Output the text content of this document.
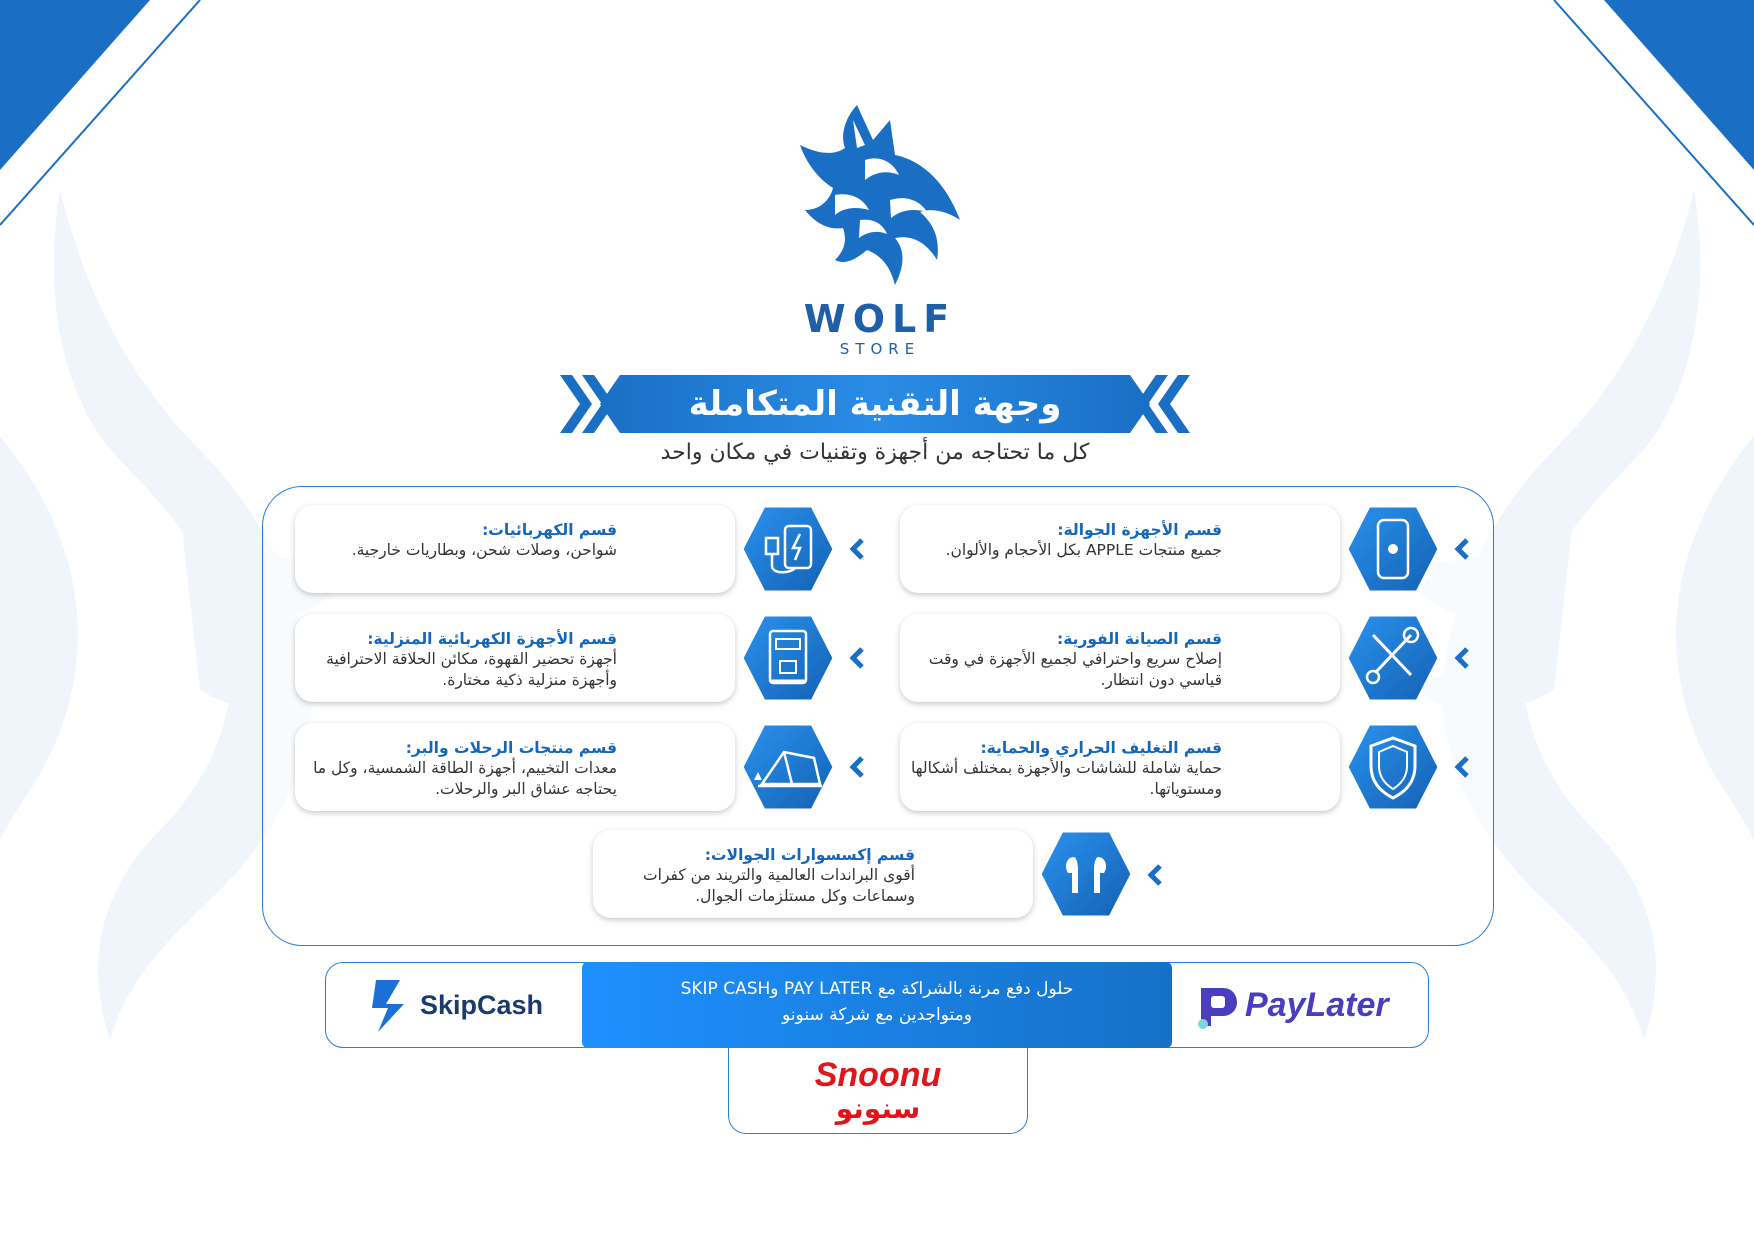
WOLF
STORE
وجهة التقنية المتكاملة
كل ما تحتاجه من أجهزة وتقنيات في مكان واحد
قسم الأجهزة الجوالة:
جميع منتجات APPLE بكل الأحجام والألوان.
قسم الكهربائيات:
شواحن، وصلات شحن، وبطاريات خارجية.
قسم الصيانة الفورية:
إصلاح سريع واحترافي لجميع الأجهزة في وقت قياسي دون انتظار.
قسم الأجهزة الكهربائية المنزلية:
أجهزة تحضير القهوة، مكائن الحلاقة الاحترافية وأجهزة منزلية ذكية مختارة.
قسم التغليف الحراري والحماية:
حماية شاملة للشاشات والأجهزة بمختلف أشكالها ومستوياتها.
قسم منتجات الرحلات والبر:
معدات التخييم، أجهزة الطاقة الشمسية، وكل ما يحتاجه عشاق البر والرحلات.
قسم إكسسوارات الجوالات:
أقوى البراندات العالمية والتريند من كفرات وسماعات وكل مستلزمات الجوال.
حلول دفع مرنة بالشراكة مع PAY LATER وSKIP CASH
ومتواجدين مع شركة سنونو
SkipCash	PayLater
Snoonu
سنونو
